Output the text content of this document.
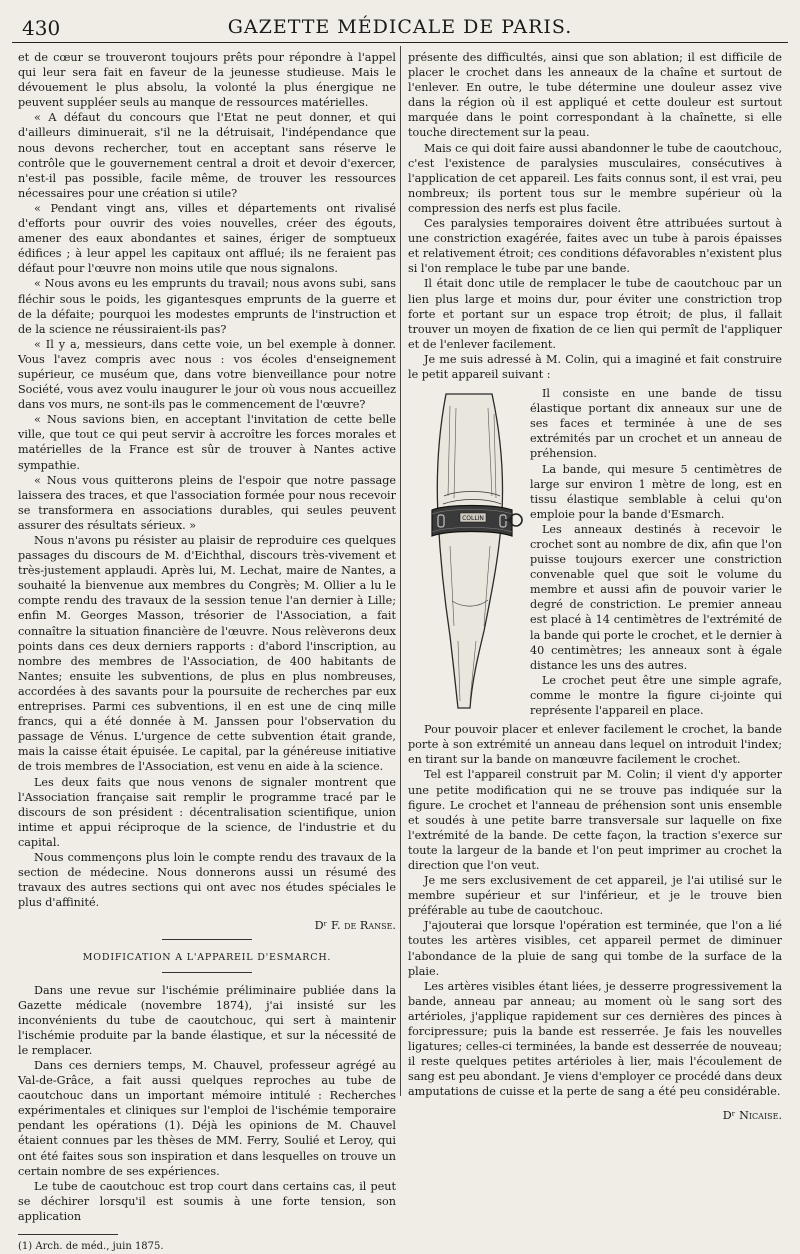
430	GAZETTE MÉDICALE DE PARIS.

et de cœur se trouveront toujours prêts pour répondre à l'appel qui leur sera fait en faveur de la jeunesse studieuse. Mais le dévouement le plus absolu, la volonté la plus énergique ne peuvent suppléer seuls au manque de ressources matérielles.

« A défaut du concours que l'Etat ne peut donner, et qui d'ailleurs diminuerait, s'il ne la détruisait, l'indépendance que nous devons rechercher, tout en acceptant sans réserve le contrôle que le gouvernement central a droit et devoir d'exercer, n'est-il pas possible, facile même, de trouver les ressources nécessaires pour une création si utile?

« Pendant vingt ans, villes et départements ont rivalisé d'efforts pour ouvrir des voies nouvelles, créer des égouts, amener des eaux abondantes et saines, ériger de somptueux édifices ; à leur appel les capitaux ont afflué; ils ne feraient pas défaut pour l'œuvre non moins utile que nous signalons.

« Nous avons eu les emprunts du travail; nous avons subi, sans fléchir sous le poids, les gigantesques emprunts de la guerre et de la défaite; pourquoi les modestes emprunts de l'instruction et de la science ne réussiraient-ils pas?

« Il y a, messieurs, dans cette voie, un bel exemple à donner. Vous l'avez compris avec nous : vos écoles d'enseignement supérieur, ce muséum que, dans votre bienveillance pour notre Société, vous avez voulu inaugurer le jour où vous nous accueillez dans vos murs, ne sont-ils pas le commencement de l'œuvre?

« Nous savions bien, en acceptant l'invitation de cette belle ville, que tout ce qui peut servir à accroître les forces morales et matérielles de la France est sûr de trouver à Nantes active sympathie.

« Nous vous quitterons pleins de l'espoir que notre passage laissera des traces, et que l'association formée pour nous recevoir se transformera en associations durables, qui seules peuvent assurer des résultats sérieux. »

Nous n'avons pu résister au plaisir de reproduire ces quelques passages du discours de M. d'Eichthal, discours très-vivement et très-justement applaudi. Après lui, M. Lechat, maire de Nantes, a souhaité la bienvenue aux membres du Congrès; M. Ollier a lu le compte rendu des travaux de la session tenue l'an dernier à Lille; enfin M. Georges Masson, trésorier de l'Association, a fait connaître la situation financière de l'œuvre. Nous relèverons deux points dans ces deux derniers rapports : d'abord l'inscription, au nombre des membres de l'Association, de 400 habitants de Nantes; ensuite les subventions, de plus en plus nombreuses, accordées à des savants pour la poursuite de recherches par eux entreprises. Parmi ces subventions, il en est une de cinq mille francs, qui a été donnée à M. Janssen pour l'observation du passage de Vénus. L'urgence de cette subvention était grande, mais la caisse était épuisée. Le capital, par la généreuse initiative de trois membres de l'Association, est venu en aide à la science.

Les deux faits que nous venons de signaler montrent que l'Association française sait remplir le programme tracé par le discours de son président : décentralisation scientifique, union intime et appui réciproque de la science, de l'industrie et du capital.

Nous commençons plus loin le compte rendu des travaux de la section de médecine. Nous donnerons aussi un résumé des travaux des autres sections qui ont avec nos études spéciales le plus d'affinité.

Dʳ F. de Ranse.
MODIFICATION A L'APPAREIL D'ESMARCH.

Dans une revue sur l'ischémie préliminaire publiée dans la Gazette médicale (novembre 1874), j'ai insisté sur les inconvénients du tube de caoutchouc, qui sert à maintenir l'ischémie produite par la bande élastique, et sur la nécessité de le remplacer.

Dans ces derniers temps, M. Chauvel, professeur agrégé au Val-de-Grâce, a fait aussi quelques reproches au tube de caoutchouc dans un important mémoire intitulé : Recherches expérimentales et cliniques sur l'emploi de l'ischémie temporaire pendant les opérations (1). Déjà les opinions de M. Chauvel étaient connues par les thèses de MM. Ferry, Soulié et Leroy, qui ont été faites sous son inspiration et dans lesquelles on trouve un certain nombre de ses expériences.

Le tube de caoutchouc est trop court dans certains cas, il peut se déchirer lorsqu'il est soumis à une forte tension, son application

(1) Arch. de méd., juin 1875.

présente des difficultés, ainsi que son ablation; il est difficile de placer le crochet dans les anneaux de la chaîne et surtout de l'enlever. En outre, le tube détermine une douleur assez vive dans la région où il est appliqué et cette douleur est surtout marquée dans le point correspondant à la chaînette, si elle touche directement sur la peau.

Mais ce qui doit faire aussi abandonner le tube de caoutchouc, c'est l'existence de paralysies musculaires, consécutives à l'application de cet appareil. Les faits connus sont, il est vrai, peu nombreux; ils portent tous sur le membre supérieur où la compression des nerfs est plus facile.

Ces paralysies temporaires doivent être attribuées surtout à une constriction exagérée, faites avec un tube à parois épaisses et relativement étroit; ces conditions défavorables n'existent plus si l'on remplace le tube par une bande.

Il était donc utile de remplacer le tube de caoutchouc par un lien plus large et moins dur, pour éviter une constriction trop forte et portant sur un espace trop étroit; de plus, il fallait trouver un moyen de fixation de ce lien qui permît de l'appliquer et de l'enlever facilement.

Je me suis adressé à M. Colin, qui a imaginé et fait construire le petit appareil suivant :

COLLIN

Il consiste en une bande de tissu élastique portant dix anneaux sur une de ses faces et terminée à une de ses extrémités par un crochet et un anneau de préhension.

La bande, qui mesure 5 centimètres de large sur environ 1 mètre de long, est en tissu élastique semblable à celui qu'on emploie pour la bande d'Esmarch.

Les anneaux destinés à recevoir le crochet sont au nombre de dix, afin que l'on puisse toujours exercer une constriction convenable quel que soit le volume du membre et aussi afin de pouvoir varier le degré de constriction. Le premier anneau est placé à 14 centimètres de l'extrémité de la bande qui porte le crochet, et le dernier à 40 centimètres; les anneaux sont à égale distance les uns des autres.

Le crochet peut être une simple agrafe, comme le montre la figure ci-jointe qui représente l'appareil en place.

Pour pouvoir placer et enlever facilement le crochet, la bande porte à son extrémité un anneau dans lequel on introduit l'index; en tirant sur la bande on manœuvre facilement le crochet.

Tel est l'appareil construit par M. Colin; il vient d'y apporter une petite modification qui ne se trouve pas indiquée sur la figure. Le crochet et l'anneau de préhension sont unis ensemble et soudés à une petite barre transversale sur laquelle on fixe l'extrémité de la bande. De cette façon, la traction s'exerce sur toute la largeur de la bande et l'on peut imprimer au crochet la direction que l'on veut.

Je me sers exclusivement de cet appareil, je l'ai utilisé sur le membre supérieur et sur l'inférieur, et je le trouve bien préférable au tube de caoutchouc.

J'ajouterai que lorsque l'opération est terminée, que l'on a lié toutes les artères visibles, cet appareil permet de diminuer l'abondance de la pluie de sang qui tombe de la surface de la plaie.

Les artères visibles étant liées, je desserre progressivement la bande, anneau par anneau; au moment où le sang sort des artérioles, j'applique rapidement sur ces dernières des pinces à forcipressure; puis la bande est resserrée. Je fais les nouvelles ligatures; celles-ci terminées, la bande est desserrée de nouveau; il reste quelques petites artérioles à lier, mais l'écoulement de sang est peu abondant. Je viens d'employer ce procédé dans deux amputations de cuisse et la perte de sang a été peu considérable.

Dʳ Nicaise.
